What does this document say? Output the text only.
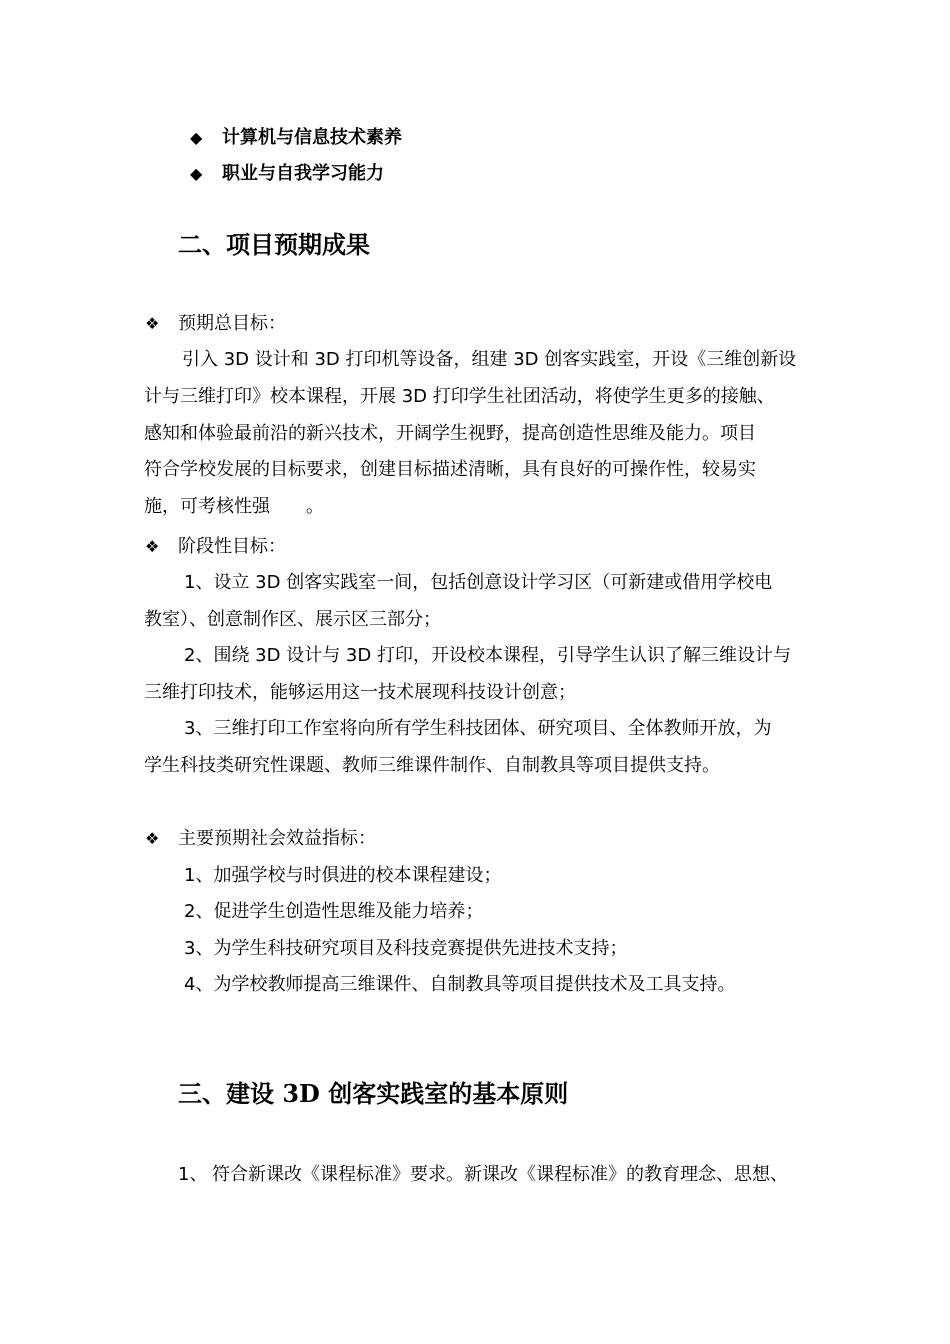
◆ 计算机与信息技术素养
◆ 职业与自我学习能力
二、项目预期成果
❖ 预期总目标：
引入 3D 设计和 3D 打印机等设备，组建 3D 创客实践室，开设《三维创新设
计与三维打印》校本课程，开展 3D 打印学生社团活动，将使学生更多的接触、
感知和体验最前沿的新兴技术，开阔学生视野，提高创造性思维及能力。项目
符合学校发展的目标要求，创建目标描述清晰，具有良好的可操作性，较易实
施，可考核性强　　。
❖ 阶段性目标：
1、设立 3D 创客实践室一间，包括创意设计学习区（可新建或借用学校电
教室）、创意制作区、展示区三部分；
2、围绕 3D 设计与 3D 打印，开设校本课程，引导学生认识了解三维设计与
三维打印技术，能够运用这一技术展现科技设计创意；
3、三维打印工作室将向所有学生科技团体、研究项目、全体教师开放，为
学生科技类研究性课题、教师三维课件制作、自制教具等项目提供支持。
❖ 主要预期社会效益指标：
1、加强学校与时俱进的校本课程建设；
2、促进学生创造性思维及能力培养；
3、为学生科技研究项目及科技竞赛提供先进技术支持；
4、为学校教师提高三维课件、自制教具等项目提供技术及工具支持。
三、建设 3D 创客实践室的基本原则
1、 符合新课改《课程标准》要求。新课改《课程标准》的教育理念、思想、
